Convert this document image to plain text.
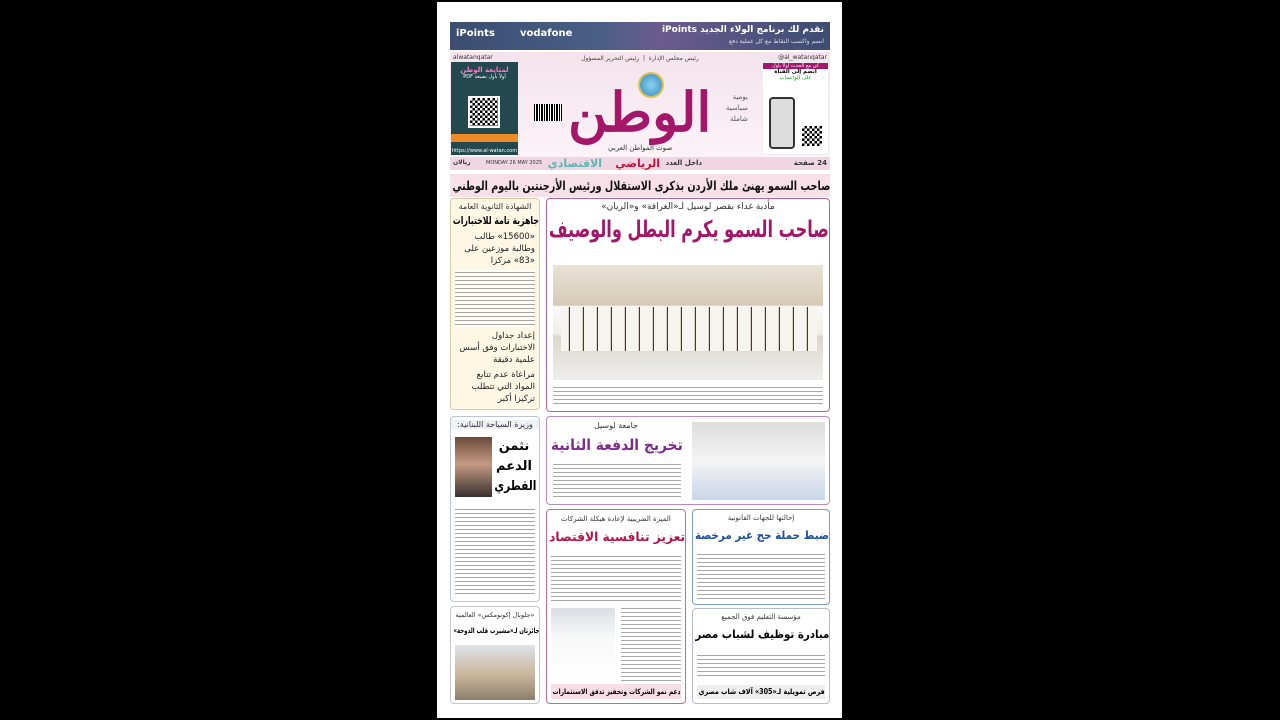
iPoints	vodafone	نقدم لك برنامج الولاء الجديد iPoints
انضم واكسب النقاط مع كل عملية دفع
alwatanqatar	@al_watanqatar
رئيس مجلس الإدارة  |  رئيس التحرير المسؤول
لمتابعة الوطن
أولاً بأول بصيغة PDF
https://www.al-watan.com
كن مع الحدث أولاً بأول
انضم إلى القناة
على الواتساب
الوطن
صوت المواطن العربي
يومية
سياسية
شاملة
24 صفحة
داخل العدد
الرياضي
الاقتصادي
MONDAY 26 MAY 2025
ريالان
صاحب السمو يهنئ ملك الأردن بذكرى الاستقلال ورئيس الأرجنتين باليوم الوطني
مأدبة غداء بقصر لوسيل لـ«الغرافة» و«الريان»
صاحب السمو يكرم البطل والوصيف
الشهادة الثانوية العامة
جاهزية تامة للاختبارات
«15600» طالب وطالبة موزعين على «83» مركزا
إعداد جداول الاختبارات وفق أسس علمية دقيقة
مراعاة عدم تتابع المواد التي تتطلب تركيزا أكبر
جامعة لوسيل
تخريج الدفعة الثانية
وزيرة السياحة اللبنانية:
نثمن
الدعم
القطري
الميزة الضريبية لإعادة هيكلة الشركات
تعزيز تنافسية الاقتصاد
دعم نمو الشركات وتحفيز تدفق الاستثمارات
إحالتها للجهات القانونية
ضبط حملة حج غير مرخصة
مؤسسة التعليم فوق الجميع
مبادرة توظيف لشباب مصر
فرص تمويلية لـ«305» آلاف شاب مصري
«جلوبال إكونومكس» العالمية
جائزتان لـ«مشيرب قلب الدوحة»
